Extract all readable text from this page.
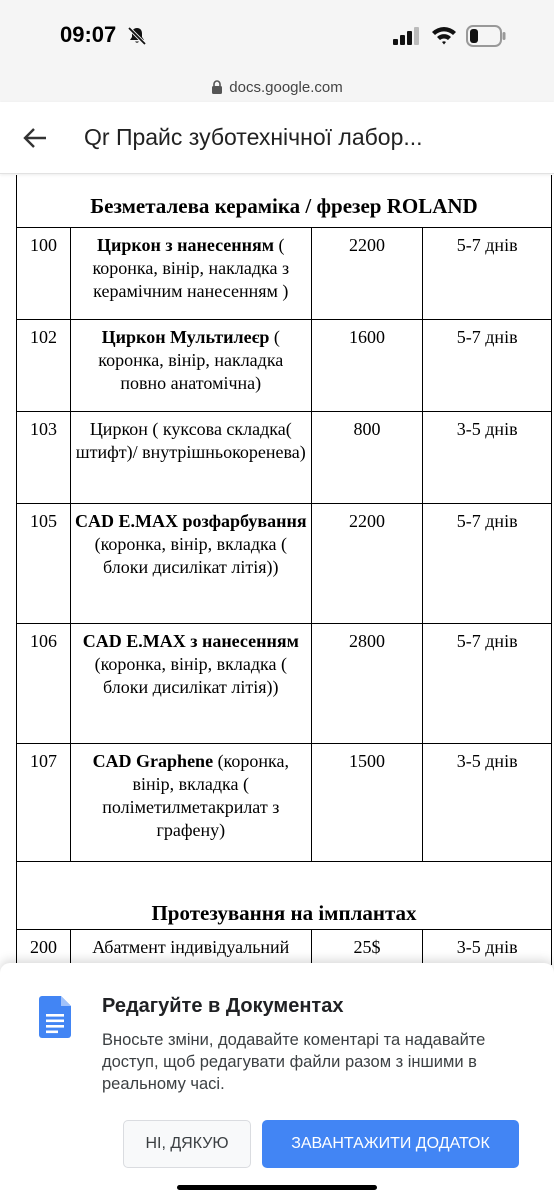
09:07
docs.google.com
Qr Прайс зуботехнічної лабор...
Безметалева кераміка / фрезер ROLAND			
100	Циркон з нанесенням ( коронка, вінір, накладка з керамічним нанесенням )	2200	5-7 днів
102	Циркон Мультилеєр ( коронка, вінір, накладка повно анатомічна)	1600	5-7 днів
103	Циркон ( куксова складка( штифт)/ внутрішньокоренева)	800	3-5 днів
105	CAD E.MAX розфарбування (коронка, вінір, вкладка ( блоки дисилікат літія))	2200	5-7 днів
106	CAD E.MAX з нанесенням (коронка, вінір, вкладка ( блоки дисилікат літія))	2800	5-7 днів
107	CAD Graphene (коронка, вінір, вкладка ( поліметилметакрилат з графену)	1500	3-5 днів
Протезування на імплантах			
200	Абатмент індивідуальний	25$	3-5 днів
Редагуйте в Документах
Вносьте зміни, додавайте коментарі та надавайте доступ, щоб редагувати файли разом з іншими в реальному часі.
НІ, ДЯКУЮ	ЗАВАНТАЖИТИ ДОДАТОК
